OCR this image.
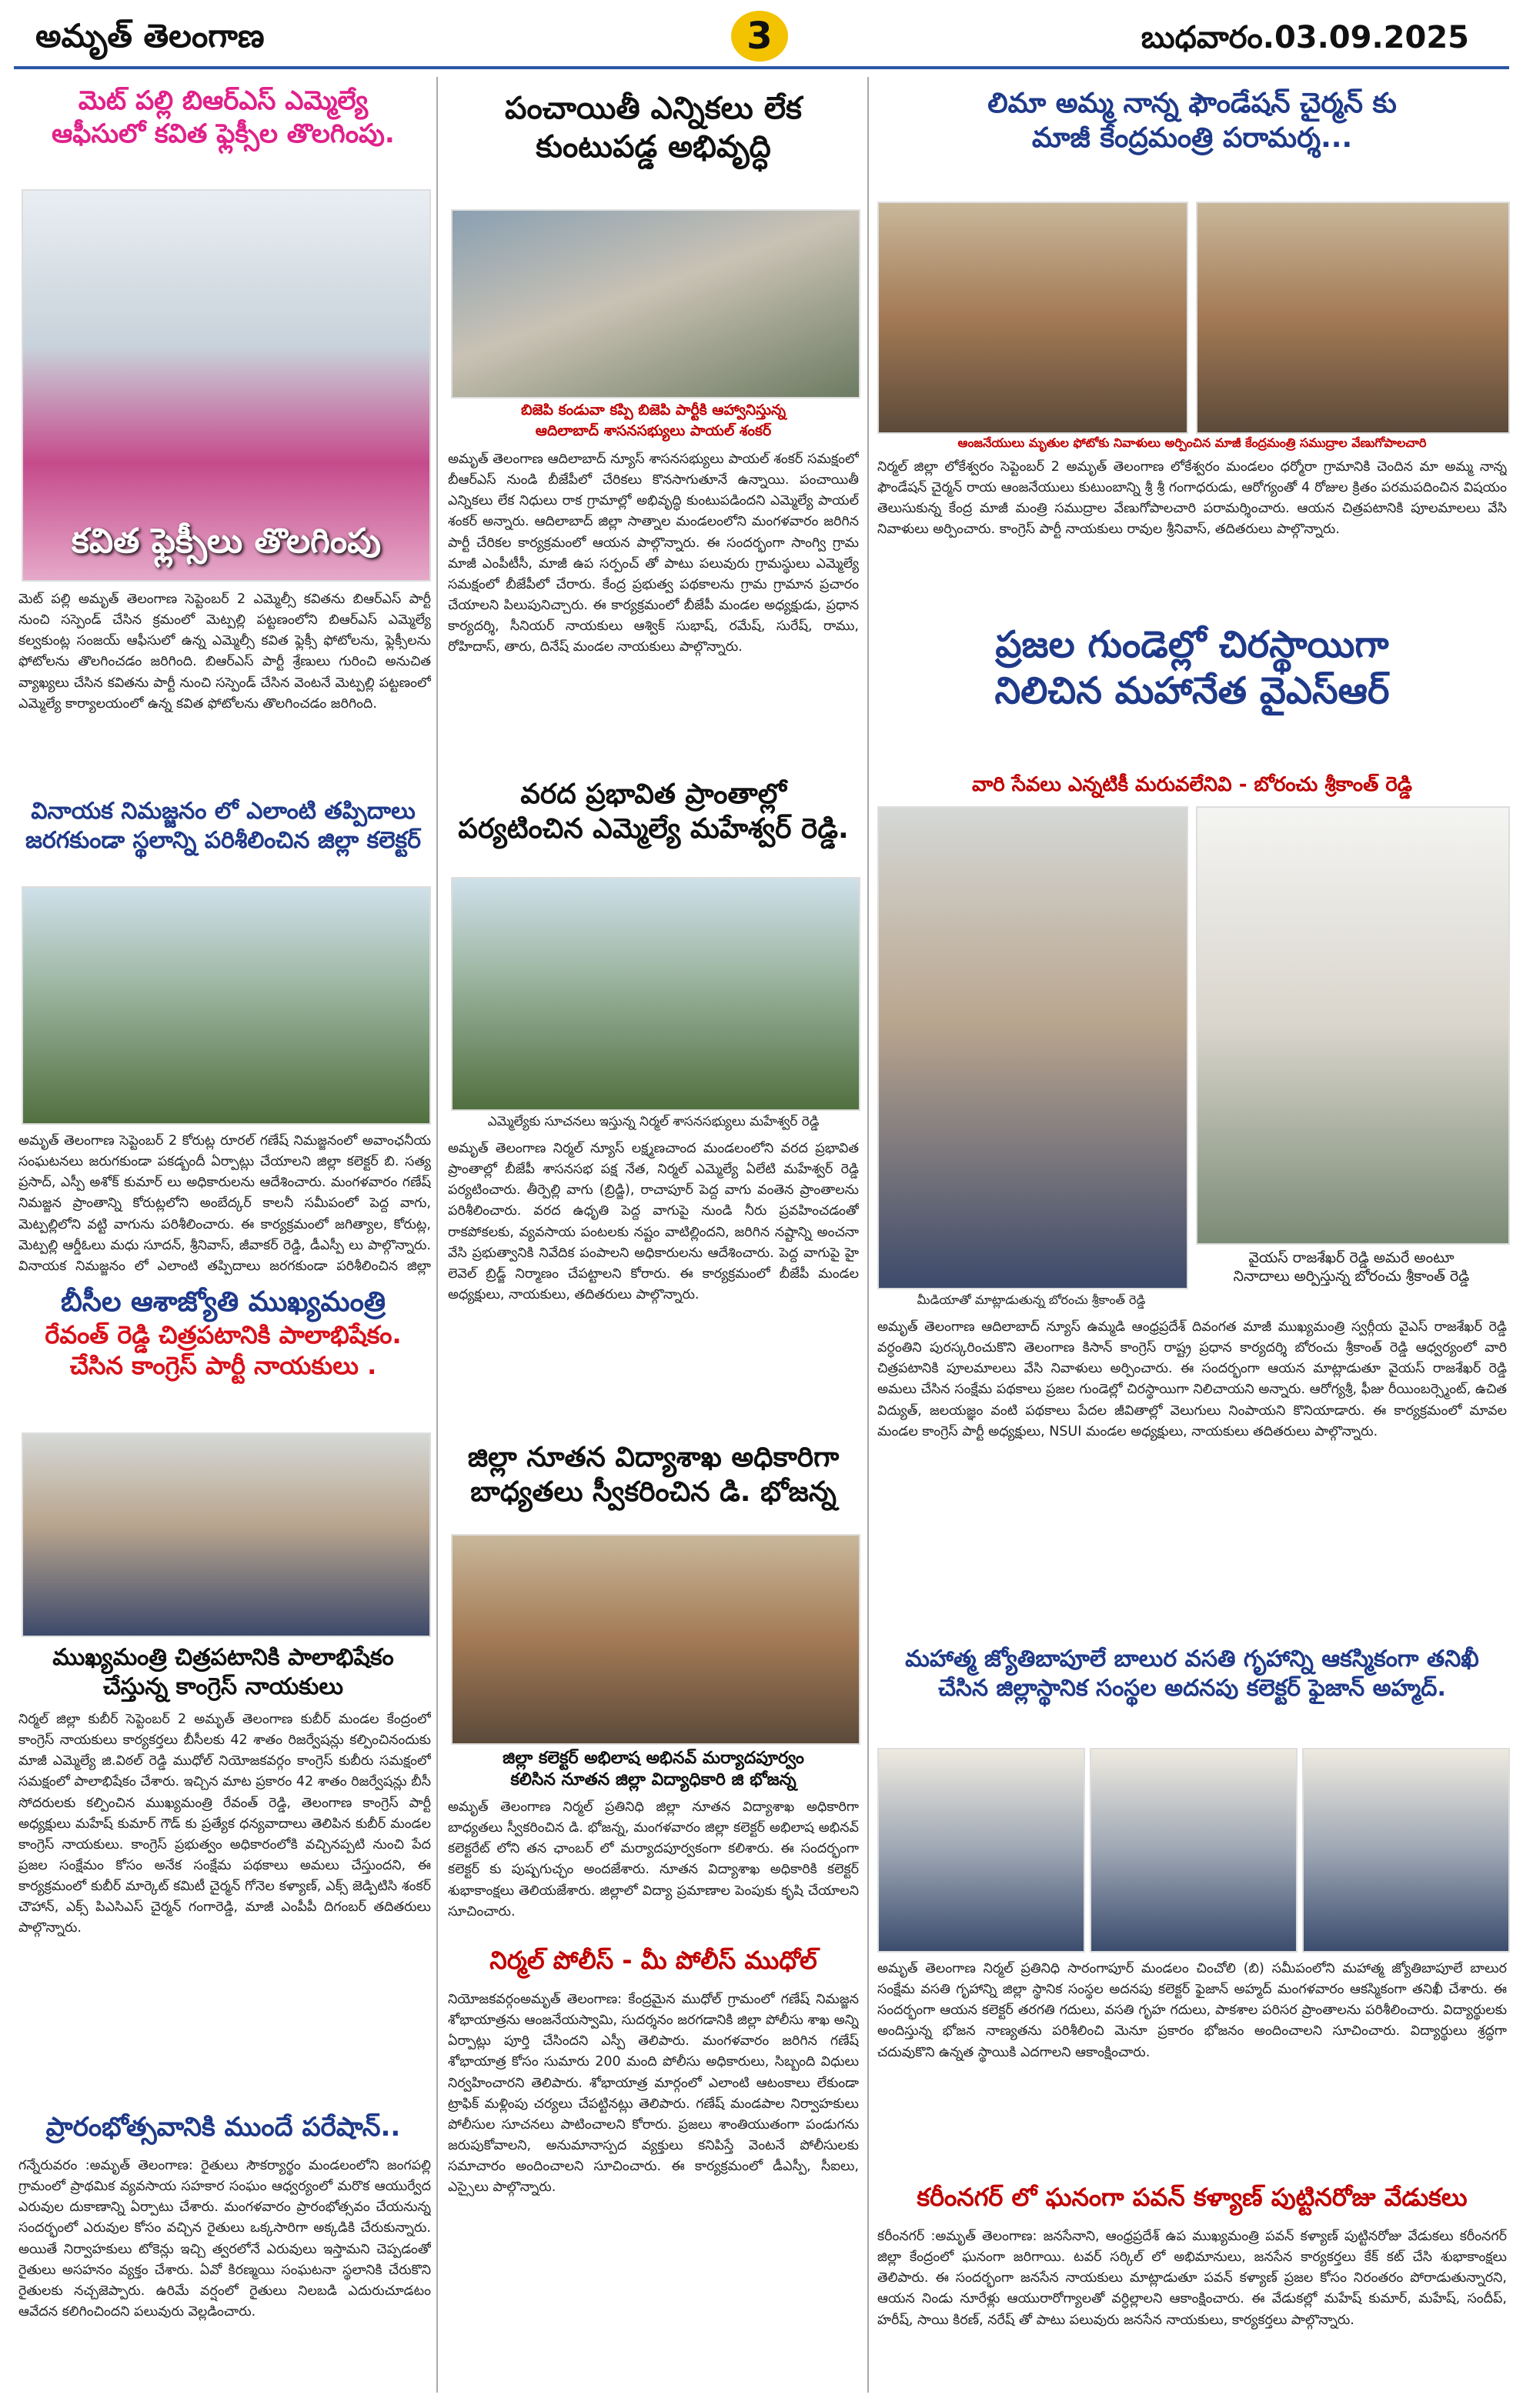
అమృత్ తెలంగాణ	3	బుధవారం.03.09.2025
మెట్ పల్లి బిఆర్ఎస్ ఎమ్మెల్యే
ఆఫీసులో కవిత ఫ్లెక్సీల తొలగింపు.
కవిత ఫ్లెక్సీలు తొలగింపు
మెట్ పల్లి అమృత్ తెలంగాణ సెప్టెంబర్ 2 ఎమ్మెల్సీ కవితను బిఆర్ఎస్ పార్టీ నుంచి సస్పెండ్ చేసిన క్రమంలో మెట్పల్లి పట్టణంలోని బిఆర్ఎస్ ఎమ్మెల్యే కల్వకుంట్ల సంజయ్ ఆఫీసులో ఉన్న ఎమ్మెల్సీ కవిత ఫ్లెక్సీ ఫోటోలను, ఫ్లెక్సీలను ఫోటోలను తొలగించడం జరిగింది. బిఆర్ఎస్ పార్టీ శ్రేణులు గురించి అనుచిత వ్యాఖ్యలు చేసిన కవితను పార్టీ నుంచి సస్పెండ్ చేసిన వెంటనే మెట్పల్లి పట్టణంలో ఎమ్మెల్యే కార్యాలయంలో ఉన్న కవిత ఫోటోలను తొలగించడం జరిగింది.
వినాయక నిమజ్జనం లో ఎలాంటి తప్పిదాలు
జరగకుండా స్థలాన్ని పరిశీలించిన జిల్లా కలెక్టర్
అమృత్ తెలంగాణ సెప్టెంబర్ 2 కోరుట్ల రూరల్ గణేష్ నిమజ్జనంలో అవాంఛనీయ సంఘటనలు జరుగకుండా పకడ్బందీ ఏర్పాట్లు చేయాలని జిల్లా కలెక్టర్ బి. సత్య ప్రసాద్, ఎస్పీ అశోక్ కుమార్ లు అధికారులను ఆదేశించారు. మంగళవారం గణేష్ నిమజ్జన ప్రాంతాన్ని కోరుట్లలోని అంబేద్కర్ కాలనీ సమీపంలో పెద్ద వాగు, మెట్పల్లిలోని వట్టి వాగును పరిశీలించారు. ఈ కార్యక్రమంలో జగిత్యాల, కోరుట్ల, మెట్పల్లి ఆర్డీఓలు మధు సూదన్, శ్రీనివాస్, జీవాకర్ రెడ్డి, డీఎస్పీ లు పాల్గొన్నారు. వినాయక నిమజ్జనం లో ఎలాంటి తప్పిదాలు జరగకుండా పరిశీలించిన జిల్లా
బీసీల ఆశాజ్యోతి ముఖ్యమంత్రి
రేవంత్ రెడ్డి చిత్రపటానికి పాలాభిషేకం.
చేసిన కాంగ్రెస్ పార్టీ నాయకులు .
ముఖ్యమంత్రి చిత్రపటానికి పాలాభిషేకం
చేస్తున్న కాంగ్రెస్ నాయకులు
నిర్మల్ జిల్లా కుబీర్ సెప్టెంబర్ 2 అమృత్ తెలంగాణ కుబీర్ మండల కేంద్రంలో కాంగ్రెస్ నాయకులు కార్యకర్తలు బీసీలకు 42 శాతం రిజర్వేషన్లు కల్పించినందుకు మాజీ ఎమ్మెల్యే జి.విఠల్ రెడ్డి ముధోల్ నియోజకవర్గం కాంగ్రెస్ కుబీరు సమక్షంలో సమక్షంలో పాలాభిషేకం చేశారు. ఇచ్చిన మాట ప్రకారం 42 శాతం రిజర్వేషన్లు బీసీ సోదరులకు కల్పించిన ముఖ్యమంత్రి రేవంత్ రెడ్డి, తెలంగాణ కాంగ్రెస్ పార్టీ అధ్యక్షులు మహేష్ కుమార్ గౌడ్ కు ప్రత్యేక ధన్యవాదాలు తెలిపిన కుబీర్ మండల కాంగ్రెస్ నాయకులు. కాంగ్రెస్ ప్రభుత్వం అధికారంలోకి వచ్చినప్పటి నుంచి పేద ప్రజల సంక్షేమం కోసం అనేక సంక్షేమ పథకాలు అమలు చేస్తుందని, ఈ కార్యక్రమంలో కుబీర్ మార్కెట్ కమిటీ చైర్మన్ గోనెల కళ్యాణ్, ఎక్స్ జెడ్పిటిసి శంకర్ చౌహాన్, ఎక్స్ పిఎసిఎస్ చైర్మన్ గంగారెడ్డి, మాజీ ఎంపీపీ దిగంబర్ తదితరులు పాల్గొన్నారు.
ప్రారంభోత్సవానికి ముందే పరేషాన్..
గన్నేరువరం :అమృత్ తెలంగాణ: రైతులు సౌకర్యార్థం మండలంలోని జంగపల్లి గ్రామంలో ప్రాథమిక వ్యవసాయ సహకార సంఘం ఆధ్వర్యంలో మరొక ఆయుర్వేద ఎరువుల దుకాణాన్ని ఏర్పాటు చేశారు. మంగళవారం ప్రారంభోత్సవం చేయనున్న సందర్భంలో ఎరువుల కోసం వచ్చిన రైతులు ఒక్కసారిగా అక్కడికి చేరుకున్నారు. అయితే నిర్వాహకులు టోకెన్లు ఇచ్చి త్వరలోనే ఎరువులు ఇస్తామని చెప్పడంతో రైతులు అసహనం వ్యక్తం చేశారు. ఏవో కిరణ్మయి సంఘటనా స్థలానికి చేరుకొని రైతులకు నచ్చజెప్పారు. ఉరిమే వర్షంలో రైతులు నిలబడి ఎదురుచూడటం ఆవేదన కలిగించిందని పలువురు వెల్లడించారు.
పంచాయితీ ఎన్నికలు లేక
కుంటుపడ్డ అభివృద్ధి
బిజెపి కండువా కప్పి బిజెపి పార్టీకి ఆహ్వానిస్తున్న
ఆదిలాబాద్ శాసనసభ్యులు పాయల్ శంకర్
అమృత్ తెలంగాణ ఆదిలాబాద్ న్యూస్ శాసనసభ్యులు పాయల్ శంకర్ సమక్షంలో బీఆర్ఎస్ నుండి బీజేపీలో చేరికలు కొనసాగుతూనే ఉన్నాయి. పంచాయితీ ఎన్నికలు లేక నిధులు రాక గ్రామాల్లో అభివృద్ధి కుంటుపడిందని ఎమ్మెల్యే పాయల్ శంకర్ అన్నారు. ఆదిలాబాద్ జిల్లా సాత్నాల మండలంలోని మంగళవారం జరిగిన పార్టీ చేరికల కార్యక్రమంలో ఆయన పాల్గొన్నారు. ఈ సందర్భంగా సాంగ్వి గ్రామ మాజీ ఎంపీటీసీ, మాజీ ఉప సర్పంచ్ తో పాటు పలువురు గ్రామస్థులు ఎమ్మెల్యే సమక్షంలో బీజేపీలో చేరారు. కేంద్ర ప్రభుత్వ పథకాలను గ్రామ గ్రామాన ప్రచారం చేయాలని పిలుపునిచ్చారు. ఈ కార్యక్రమంలో బీజేపీ మండల అధ్యక్షుడు, ప్రధాన కార్యదర్శి, సీనియర్ నాయకులు ఆశ్విక్ సుభాష్, రమేష్, సురేష్, రాము, రోహిదాస్, తారు, దినేష్ మండల నాయకులు పాల్గొన్నారు.
వరద ప్రభావిత ప్రాంతాల్లో
పర్యటించిన ఎమ్మెల్యే మహేశ్వర్ రెడ్డి.
ఎమ్మెల్యేకు సూచనలు ఇస్తున్న నిర్మల్ శాసనసభ్యులు మహేశ్వర్ రెడ్డి
అమృత్ తెలంగాణ నిర్మల్ న్యూస్ లక్ష్మణచాంద మండలంలోని వరద ప్రభావిత ప్రాంతాల్లో బీజేపీ శాసనసభ పక్ష నేత, నిర్మల్ ఎమ్మెల్యే ఏలేటి మహేశ్వర్ రెడ్డి పర్యటించారు. తీర్పెల్లి వాగు (బ్రిడ్జి), రాచాపూర్ పెద్ద వాగు వంతెన ప్రాంతాలను పరిశీలించారు. వరద ఉధృతి పెద్ద వాగుపై నుండి నీరు ప్రవహించడంతో రాకపోకలకు, వ్యవసాయ పంటలకు నష్టం వాటిల్లిందని, జరిగిన నష్టాన్ని అంచనా వేసి ప్రభుత్వానికి నివేదిక పంపాలని అధికారులను ఆదేశించారు. పెద్ద వాగుపై హై లెవెల్ బ్రిడ్జ్ నిర్మాణం చేపట్టాలని కోరారు. ఈ కార్యక్రమంలో బీజేపీ మండల అధ్యక్షులు, నాయకులు, తదితరులు పాల్గొన్నారు.
జిల్లా నూతన విద్యాశాఖ అధికారిగా
బాధ్యతలు స్వీకరించిన డి. భోజన్న
జిల్లా కలెక్టర్ అభిలాష అభినవ్ మర్యాదపూర్వం
కలిసిన నూతన జిల్లా విద్యాధికారి జి భోజన్న
అమృత్ తెలంగాణ నిర్మల్ ప్రతినిధి జిల్లా నూతన విద్యాశాఖ అధికారిగా బాధ్యతలు స్వీకరించిన డి. భోజన్న, మంగళవారం జిల్లా కలెక్టర్ అభిలాష అభినవ్ కలెక్టరేట్ లోని తన ఛాంబర్ లో మర్యాదపూర్వకంగా కలిశారు. ఈ సందర్భంగా కలెక్టర్ కు పుష్పగుచ్ఛం అందజేశారు. నూతన విద్యాశాఖ అధికారికి కలెక్టర్ శుభాకాంక్షలు తెలియజేశారు. జిల్లాలో విద్యా ప్రమాణాల పెంపుకు కృషి చేయాలని సూచించారు.
నిర్మల్ పోలీస్ - మీ పోలీస్ ముధోల్
నియోజకవర్గంఅమృత్ తెలంగాణ: కేంద్రమైన ముధోల్ గ్రామంలో గణేష్ నిమజ్జన శోభాయాత్రను ఆంజనేయస్వామి, సుదర్శనం జరగడానికి జిల్లా పోలీసు శాఖ అన్ని ఏర్పాట్లు పూర్తి చేసిందని ఎస్పీ తెలిపారు. మంగళవారం జరిగిన గణేష్ శోభాయాత్ర కోసం సుమారు 200 మంది పోలీసు అధికారులు, సిబ్బంది విధులు నిర్వహించారని తెలిపారు. శోభాయాత్ర మార్గంలో ఎలాంటి ఆటంకాలు లేకుండా ట్రాఫిక్ మళ్లింపు చర్యలు చేపట్టినట్లు తెలిపారు. గణేష్ మండపాల నిర్వాహకులు పోలీసుల సూచనలు పాటించాలని కోరారు. ప్రజలు శాంతియుతంగా పండుగను జరుపుకోవాలని, అనుమానాస్పద వ్యక్తులు కనిపిస్తే వెంటనే పోలీసులకు సమాచారం అందించాలని సూచించారు. ఈ కార్యక్రమంలో డీఎస్పీ, సీఐలు, ఎస్సైలు పాల్గొన్నారు.
లిమా అమ్మ నాన్న ఫౌండేషన్ చైర్మన్ కు
మాజీ కేంద్రమంత్రి పరామర్శ...
ఆంజనేయులు మృతుల ఫోటోకు నివాళులు అర్పించిన మాజీ కేంద్రమంత్రి సముద్రాల వేణుగోపాలచారి
నిర్మల్ జిల్లా లోకేశ్వరం సెప్టెంబర్ 2 అమృత్ తెలంగాణ లోకేశ్వరం మండలం ధర్మోరా గ్రామానికి చెందిన మా అమ్మ నాన్న ఫౌండేషన్ చైర్మన్ రాయ ఆంజనేయులు కుటుంబాన్ని శ్రీ శ్రీ గంగాధరుడు, ఆరోగ్యంతో 4 రోజుల క్రితం పరమపదించిన విషయం తెలుసుకున్న కేంద్ర మాజీ మంత్రి సముద్రాల వేణుగోపాలచారి పరామర్శించారు. ఆయన చిత్రపటానికి పూలమాలలు వేసి నివాళులు అర్పించారు. కాంగ్రెస్ పార్టీ నాయకులు రావుల శ్రీనివాస్, తదితరులు పాల్గొన్నారు.
ప్రజల గుండెల్లో చిరస్థాయిగా
నిలిచిన మహానేత వైఎస్ఆర్
వారి సేవలు ఎన్నటికీ మరువలేనివి - బోరంచు శ్రీకాంత్ రెడ్డి
మీడియాతో మాట్లాడుతున్న బోరంచు శ్రీకాంత్ రెడ్డి
వైయస్ రాజశేఖర్ రెడ్డి అమరే అంటూ
నినాదాలు అర్పిస్తున్న బోరంచు శ్రీకాంత్ రెడ్డి
అమృత్ తెలంగాణ ఆదిలాబాద్ న్యూస్ ఉమ్మడి ఆంధ్రప్రదేశ్ దివంగత మాజీ ముఖ్యమంత్రి స్వర్గీయ వైఎస్ రాజశేఖర్ రెడ్డి వర్ధంతిని పురస్కరించుకొని తెలంగాణ కిసాన్ కాంగ్రెస్ రాష్ట్ర ప్రధాన కార్యదర్శి బోరంచు శ్రీకాంత్ రెడ్డి ఆధ్వర్యంలో వారి చిత్రపటానికి పూలమాలలు వేసి నివాళులు అర్పించారు. ఈ సందర్భంగా ఆయన మాట్లాడుతూ వైయస్ రాజశేఖర్ రెడ్డి అమలు చేసిన సంక్షేమ పథకాలు ప్రజల గుండెల్లో చిరస్థాయిగా నిలిచాయని అన్నారు. ఆరోగ్యశ్రీ, ఫీజు రీయింబర్స్మెంట్, ఉచిత విద్యుత్, జలయజ్ఞం వంటి పథకాలు పేదల జీవితాల్లో వెలుగులు నింపాయని కొనియాడారు. ఈ కార్యక్రమంలో మావల మండల కాంగ్రెస్ పార్టీ అధ్యక్షులు, NSUI మండల అధ్యక్షులు, నాయకులు తదితరులు పాల్గొన్నారు.
మహాత్మ జ్యోతిబాపూలే బాలుర వసతి గృహాన్ని ఆకస్మికంగా తనిఖీ
చేసిన జిల్లాస్థానిక సంస్థల అదనపు కలెక్టర్ ఫైజాన్ అహ్మద్.
అమృత్ తెలంగాణ నిర్మల్ ప్రతినిధి సారంగాపూర్ మండలం చించోలి (బి) సమీపంలోని మహాత్మ జ్యోతిబాపూలే బాలుర సంక్షేమ వసతి గృహాన్ని జిల్లా స్థానిక సంస్థల అదనపు కలెక్టర్ ఫైజాన్ అహ్మద్ మంగళవారం ఆకస్మికంగా తనిఖీ చేశారు. ఈ సందర్భంగా ఆయన కలెక్టర్ తరగతి గదులు, వసతి గృహ గదులు, పాకశాల పరిసర ప్రాంతాలను పరిశీలించారు. విద్యార్థులకు అందిస్తున్న భోజన నాణ్యతను పరిశీలించి మెనూ ప్రకారం భోజనం అందించాలని సూచించారు. విద్యార్థులు శ్రద్ధగా చదువుకొని ఉన్నత స్థాయికి ఎదగాలని ఆకాంక్షించారు.
కరీంనగర్ లో ఘనంగా పవన్ కళ్యాణ్ పుట్టినరోజు వేడుకలు
కరీంనగర్ :అమృత్ తెలంగాణ: జనసేనాని, ఆంధ్రప్రదేశ్ ఉప ముఖ్యమంత్రి పవన్ కళ్యాణ్ పుట్టినరోజు వేడుకలు కరీంనగర్ జిల్లా కేంద్రంలో ఘనంగా జరిగాయి. టవర్ సర్కిల్ లో అభిమానులు, జనసేన కార్యకర్తలు కేక్ కట్ చేసి శుభాకాంక్షలు తెలిపారు. ఈ సందర్భంగా జనసేన నాయకులు మాట్లాడుతూ పవన్ కళ్యాణ్ ప్రజల కోసం నిరంతరం పోరాడుతున్నారని, ఆయన నిండు నూరేళ్లు ఆయురారోగ్యాలతో వర్ధిల్లాలని ఆకాంక్షించారు. ఈ వేడుకల్లో మహేష్ కుమార్, మహేష్, సందీప్, హరీష్, సాయి కిరణ్, నరేష్ తో పాటు పలువురు జనసేన నాయకులు, కార్యకర్తలు పాల్గొన్నారు.
